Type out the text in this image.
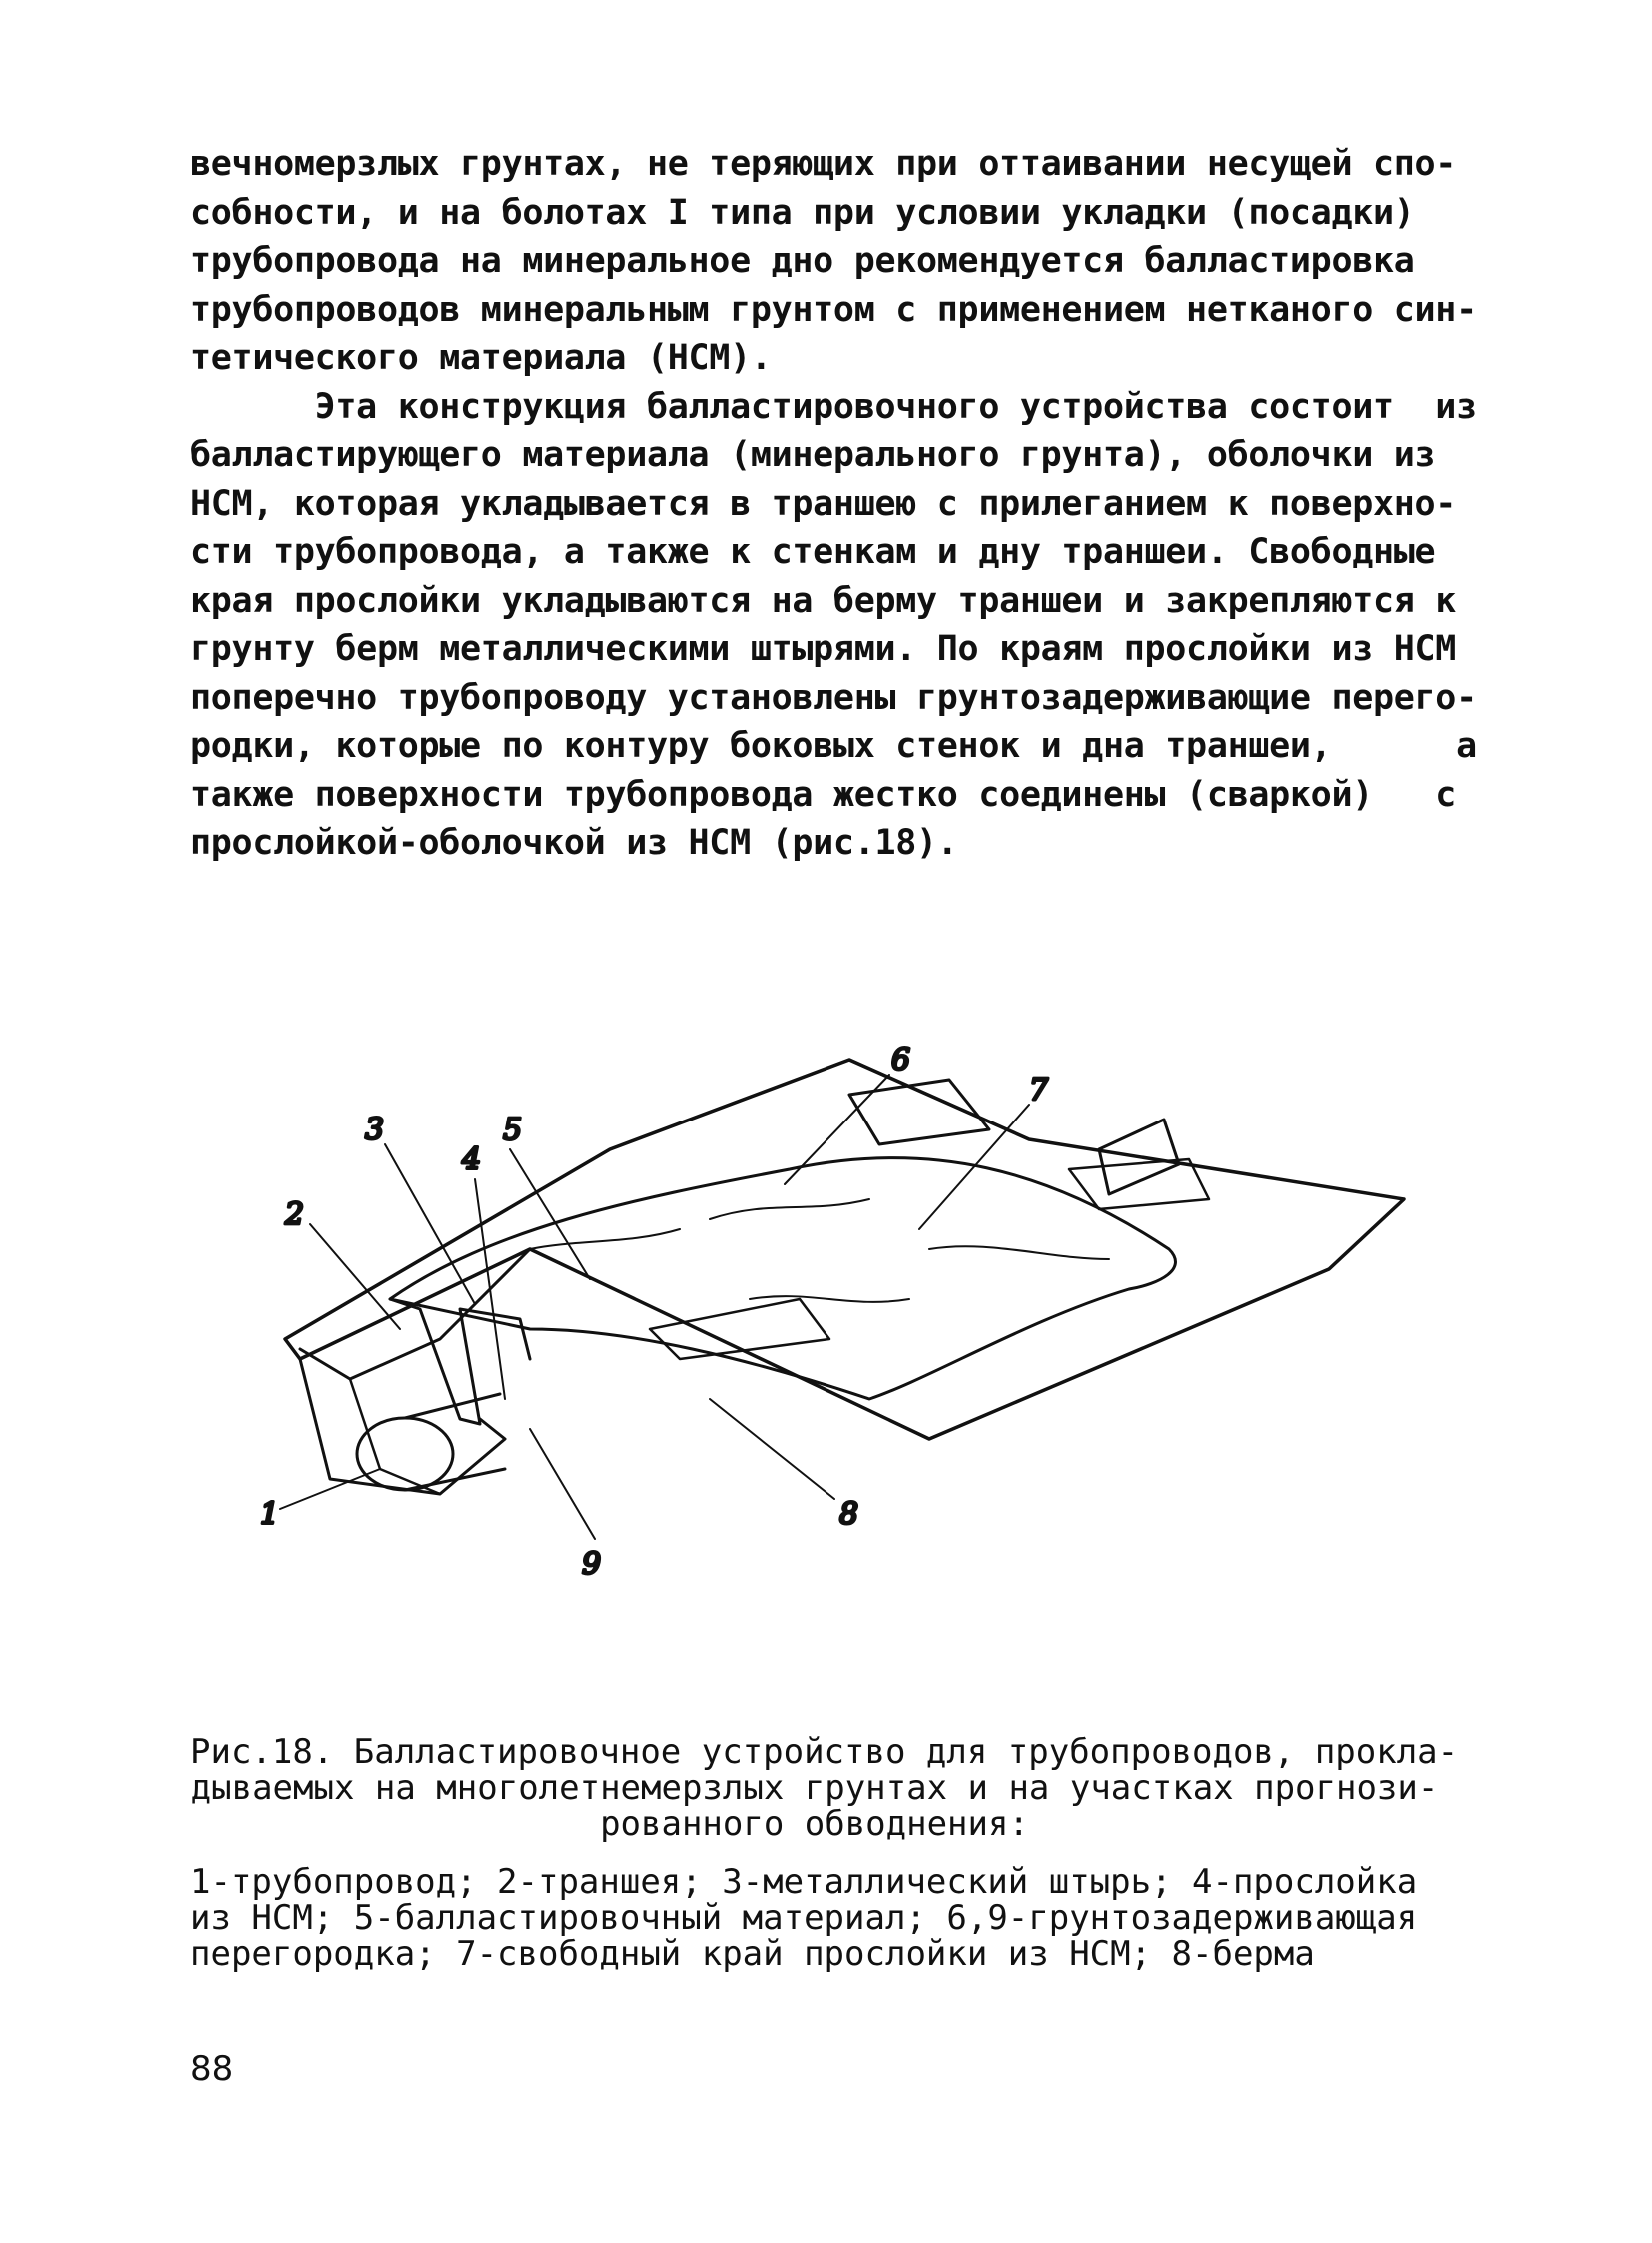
вечномерзлых грунтах, не теряющих при оттаивании несущей спо-
собности, и на болотах I типа при условии укладки (посадки)
трубопровода на минеральное дно рекомендуется балластировка
трубопроводов минеральным грунтом с применением нетканого син-
тетического материала (НСМ).
Эта конструкция балластировочного устройства состоит  из
балластирующего материала (минерального грунта), оболочки из
НСМ, которая укладывается в траншею с прилеганием к поверхно-
сти трубопровода, а также к стенкам и дну траншеи. Свободные
края прослойки укладываются на берму траншеи и закрепляются к
грунту берм металлическими штырями. По краям прослойки из НСМ
поперечно трубопроводу установлены грунтозадерживающие перего-
родки, которые по контуру боковых стенок и дна траншеи,      а
также поверхности трубопровода жестко соединены (сваркой)   с
прослойкой-оболочкой из НСМ (рис.18).
1
2
3
4
5
6
7
8
9
Рис.18. Балластировочное устройство для трубопроводов, прокла-
дываемых на многолетнемерзлых грунтах и на участках прогнози-
рованного обводнения:
1-трубопровод; 2-траншея; 3-металлический штырь; 4-прослойка
из НСМ; 5-балластировочный материал; 6,9-грунтозадерживающая
перегородка; 7-свободный край прослойки из НСМ; 8-берма
88
